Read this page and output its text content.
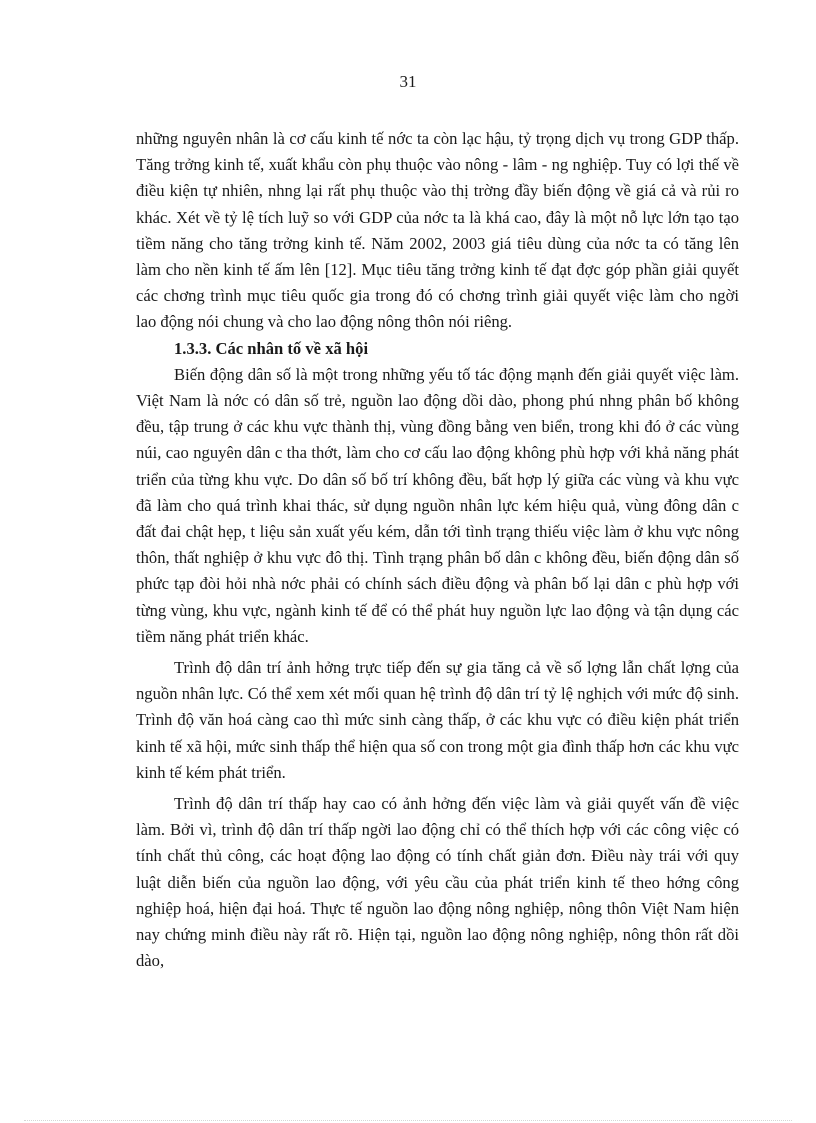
31

những nguyên nhân là cơ cấu kinh tế nớc ta còn lạc hậu, tỷ trọng dịch vụ trong GDP thấp. Tăng trởng kinh tế, xuất khẩu còn phụ thuộc vào nông - lâm - ng nghiệp. Tuy có lợi thế về điều kiện tự nhiên, nhng lại rất phụ thuộc vào thị trờng đầy biến động về giá cả và rủi ro khác. Xét về tỷ lệ tích luỹ so với GDP của nớc ta là khá cao, đây là một nỗ lực lớn tạo tạo tiềm năng cho tăng trởng kinh tế. Năm 2002, 2003 giá tiêu dùng của nớc ta có tăng lên làm cho nền kinh tế ấm lên [12]. Mục tiêu tăng trởng kinh tế đạt đợc góp phần giải quyết các chơng trình mục tiêu quốc gia trong đó có chơng trình giải quyết việc làm cho ngời lao động nói chung và cho lao động nông thôn nói riêng.

1.3.3. Các nhân tố về xã hội

Biến động dân số là một trong những yếu tố tác động mạnh đến giải quyết việc làm. Việt Nam là nớc có dân số trẻ, nguồn lao động dồi dào, phong phú nhng phân bố không đều, tập trung ở các khu vực thành thị, vùng đồng bằng ven biển, trong khi đó ở các vùng núi, cao nguyên dân c tha thớt, làm cho cơ cấu lao động không phù hợp với khả năng phát triển của từng khu vực. Do dân số bố trí không đều, bất hợp lý giữa các vùng và khu vực đã làm cho quá trình khai thác, sử dụng nguồn nhân lực kém hiệu quả, vùng đông dân c đất đai chật hẹp, t liệu sản xuất yếu kém, dẫn tới tình trạng thiếu việc làm ở khu vực nông thôn, thất nghiệp ở khu vực đô thị. Tình trạng phân bố dân c không đều, biến động dân số phức tạp đòi hỏi nhà nớc phải có chính sách điều động và phân bố lại dân c phù hợp với từng vùng, khu vực, ngành kinh tế để có thể phát huy nguồn lực lao động và tận dụng các tiềm năng phát triển khác.

Trình độ dân trí ảnh hởng trực tiếp đến sự gia tăng cả về số lợng lẫn chất lợng của nguồn nhân lực. Có thể xem xét mối quan hệ trình độ dân trí tỷ lệ nghịch với mức độ sinh. Trình độ văn hoá càng cao thì mức sinh càng thấp, ở các khu vực có điều kiện phát triển kinh tế xã hội, mức sinh thấp thể hiện qua số con trong một gia đình thấp hơn các khu vực kinh tế kém phát triển.

Trình độ dân trí thấp hay cao có ảnh hởng đến việc làm và giải quyết vấn đề việc làm. Bởi vì, trình độ dân trí thấp ngời lao động chỉ có thể thích hợp với các công việc có tính chất thủ công, các hoạt động lao động có tính chất giản đơn. Điều này trái với quy luật diễn biến của nguồn lao động, với yêu cầu của phát triển kinh tế theo hớng công nghiệp hoá, hiện đại hoá. Thực tế nguồn lao động nông nghiệp, nông thôn Việt Nam hiện nay chứng minh điều này rất rõ. Hiện tại, nguồn lao động nông nghiệp, nông thôn rất dồi dào,
